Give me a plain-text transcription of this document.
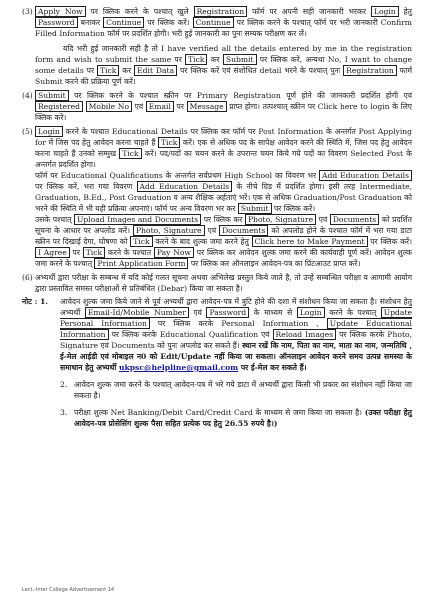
(3) Apply Now पर क्लिक करने के पश्चात् खुले Registration फॉर्म पर अपनी सही जानकारी भरकर Login हेतु Password बनाकर Continue पर क्लिक करें। Continue पर क्लिक करने के पश्चात् फॉर्म पर भरी जानकारी Confirm Filled Information फॉर्म पर प्रदर्शित होगी। भरी हुई जानकारी का पुनः सम्यक परीक्षण कर लें।
यदि भरी हुई जानकारी सही है तो I have verified all the details entered by me in the registration form and wish to submit the same पर Tick कर Submit पर क्लिक करें, अन्यथा No, I want to change some details पर Tick कर Edit Data पर क्लिक करें एवं संशोधित detail भरने के पश्चात् पुनः Registration फार्म Submit करने की प्रक्रिया पूर्ण करें।
(4) Submit पर क्लिक करने के पश्चात स्क्रीन पर Primary Registration पूर्ण होने की जानकारी प्रदर्शित होगी एवं Registered Mobile No एवं Email पर Message प्राप्त होगा। तत्पश्चात् स्क्रीन पर Click here to login के लिए क्लिक करें।
(5) Login करने के पश्चात Educational Details पर क्लिक कर फॉर्म पर Post Information के अन्तर्गत Post Applying for में जिस पद हेतु आवेदन करना चाहते हैं Tick करें। एक से अधिक पद के सापेक्ष आवेदन करने की स्थिति में, जिस पद हेतु आवेदन करना चाहते हैं उनको सम्मुख Tick करें। पद/पदों का चयन करने के उपरान्त चयन किये गये पदों का विवरण Selected Post के अन्तर्गत प्रदर्शित होगा।
फॉर्म पर Educational Qualifications के अन्तर्गत सर्वप्रथम High School का विवरण भर Add Education Details पर क्लिक करें, भरा गया विवरण Add Education Details के नीचे ग्रिड में प्रदर्शित होगा। इसी तरह Intermediate, Graduation, B.Ed., Post Graduation व अन्य शैक्षिक अर्हताएं भरें। एक से अधिक Graduation/Post Graduation को भरने की स्थिति में भी यही प्रक्रिया अपनाएं। फॉर्म पर अन्य विवरण भर कर Submit पर क्लिक करें।
उसके पश्चात् Upload Images and Documents पर क्लिक कर Photo, Signature एवं Documents को प्रदर्शित सूचना के आधार पर अपलोड करें। Photo, Signature एवं Documents को अपलोड होने के पश्चात फॉर्म में भरा गया डाटा स्क्रीन पर दिखाई देगा, घोषणा को Tick करने के बाद शुल्क जमा करने हेतु Click here to Make Payment पर क्लिक करें। I Agree पर Tick करने के पश्चात Pay Now पर क्लिक कर आवेदन शुल्क जमा करने की कार्यवाही पूर्ण करें। आवेदन शुल्क जमा करने के पश्चात् Print Application Form पर क्लिक कर ऑनलाइन आवेदन-पत्र का प्रिंटआउट प्राप्त करें।
(6) अभ्यर्थी द्वारा परीक्षा के सम्बन्ध में यदि कोई गलत सूचना अथवा अभिलेख प्रस्तुत किये जाते है, तो उन्हें सम्बन्धित परीक्षा व आगामी आयोग द्वारा प्रस्तावित समस्त परीक्षाओं से प्रतिबंधित (Debar) किया जा सकता है।
नोट : 1. आवेदन शुल्क जमा किये जाने से पूर्व अभ्यर्थी द्वारा आवेदन-पत्र में त्रुटि होने की दशा में संशोधन किया जा सकता है। संशोधन हेतु अभ्यर्थी Email-Id/Mobile Number एवं Password के माध्यम से Login करने के पश्चात् Update Personal Information पर क्लिक करके Personal Information , Update Educational Information पर क्लिक करके Educational Qualification एवं Reload Images पर क्लिक करके Photo, Signature एवं Documents को पुनः अपलोड कर सकते हैं। स्थान रखें कि नाम, पिता का नाम, माता का नाम, जन्मतिथि , ई-मेल आईडी एवं मोबाइल न0 को Edit/Update नहीं किया जा सकता। ऑनलाइन आवेदन करने समय उत्पन्न समस्या के समाधान हेतु अभ्यर्थी ukpsc@helpline@gmail.com पर ई-मेल कर सकते हैं।
2. आवेदन शुल्क जमा करने के पश्चात् आवेदन-पत्र में भरे गये डाटा में अभ्यर्थी द्वारा किसी भी प्रकार का संशोधन नहीं किया जा सकता है।
3. परीक्षा शुल्क Net Banking/Debit Card/Credit Card के माध्यम से जमा किया जा सकता है। (उक्त परीक्षा हेतु आवेदन-पत्र प्रोसेसिंग शुल्क पैसा सहित प्रत्येक पद हेतु 26.55 रुपये है।)
Lect.-Inter College Advertisement 14
